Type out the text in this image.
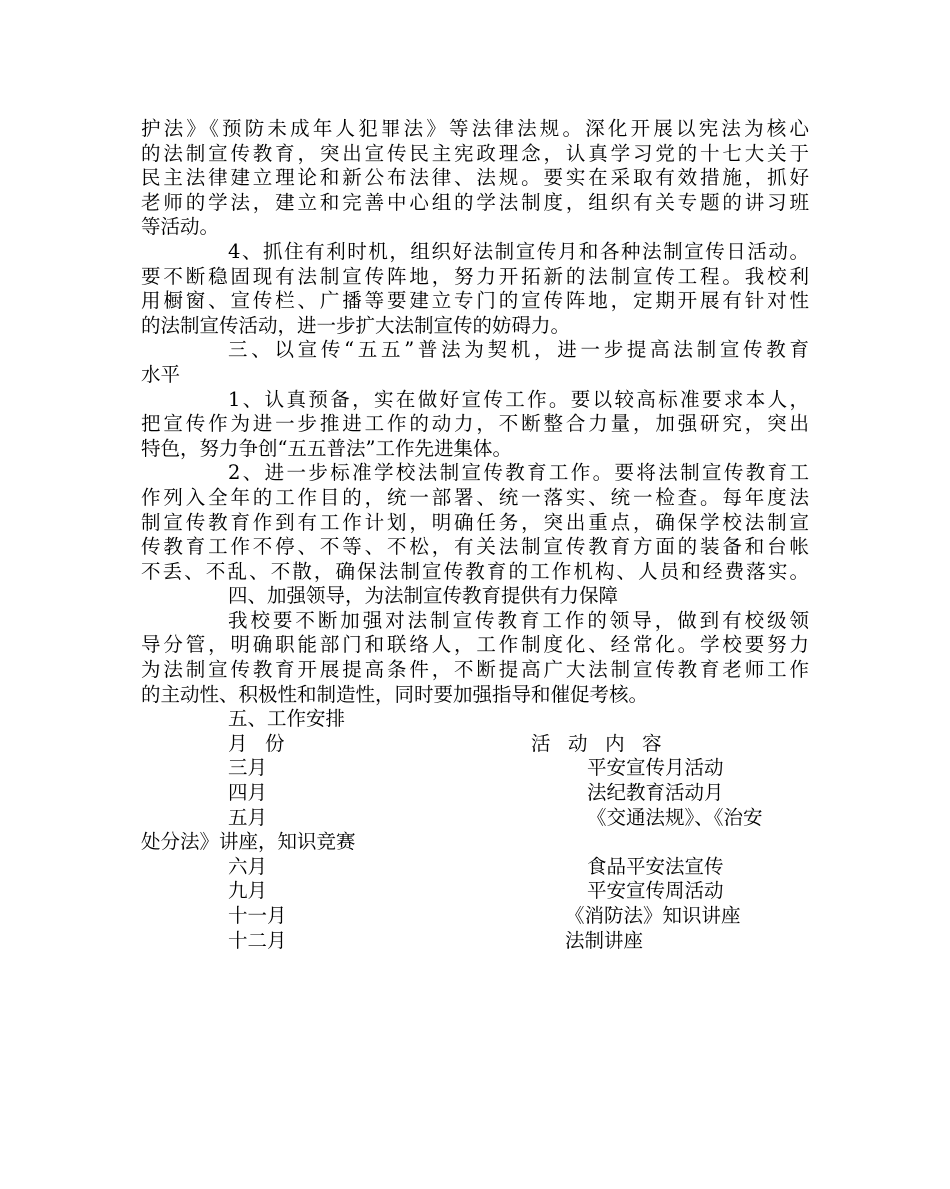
护法》《预防未成年人犯罪法》等法律法规。深化开展以宪法为核心
的法制宣传教育，突出宣传民主宪政理念，认真学习党的十七大关于
民主法律建立理论和新公布法律、法规。要实在采取有效措施，抓好
老师的学法，建立和完善中心组的学法制度，组织有关专题的讲习班
等活动。
4、抓住有利时机，组织好法制宣传月和各种法制宣传日活动。
要不断稳固现有法制宣传阵地，努力开拓新的法制宣传工程。我校利
用橱窗、宣传栏、广播等要建立专门的宣传阵地，定期开展有针对性
的法制宣传活动，进一步扩大法制宣传的妨碍力。
三、以宣传“五五”普法为契机，进一步提高法制宣传教育
水平
1、认真预备，实在做好宣传工作。要以较高标准要求本人，
把宣传作为进一步推进工作的动力，不断整合力量，加强研究，突出
特色，努力争创“五五普法”工作先进集体。
2、进一步标准学校法制宣传教育工作。要将法制宣传教育工
作列入全年的工作目的，统一部署、统一落实、统一检查。每年度法
制宣传教育作到有工作计划，明确任务，突出重点，确保学校法制宣
传教育工作不停、不等、不松，有关法制宣传教育方面的装备和台帐
不丢、不乱、不散，确保法制宣传教育的工作机构、人员和经费落实。
四、加强领导，为法制宣传教育提供有力保障
我校要不断加强对法制宣传教育工作的领导，做到有校级领
导分管，明确职能部门和联络人，工作制度化、经常化。学校要努力
为法制宣传教育开展提高条件，不断提高广大法制宣传教育老师工作
的主动性、积极性和制造性，同时要加强指导和催促考核。
五、工作安排
月份	活动内容
三月	平安宣传月活动
四月	法纪教育活动月
五月	《交通法规》、《治安
处分法》讲座，知识竞赛
六月	食品平安法宣传
九月	平安宣传周活动
十一月	《消防法》知识讲座
十二月	法制讲座
